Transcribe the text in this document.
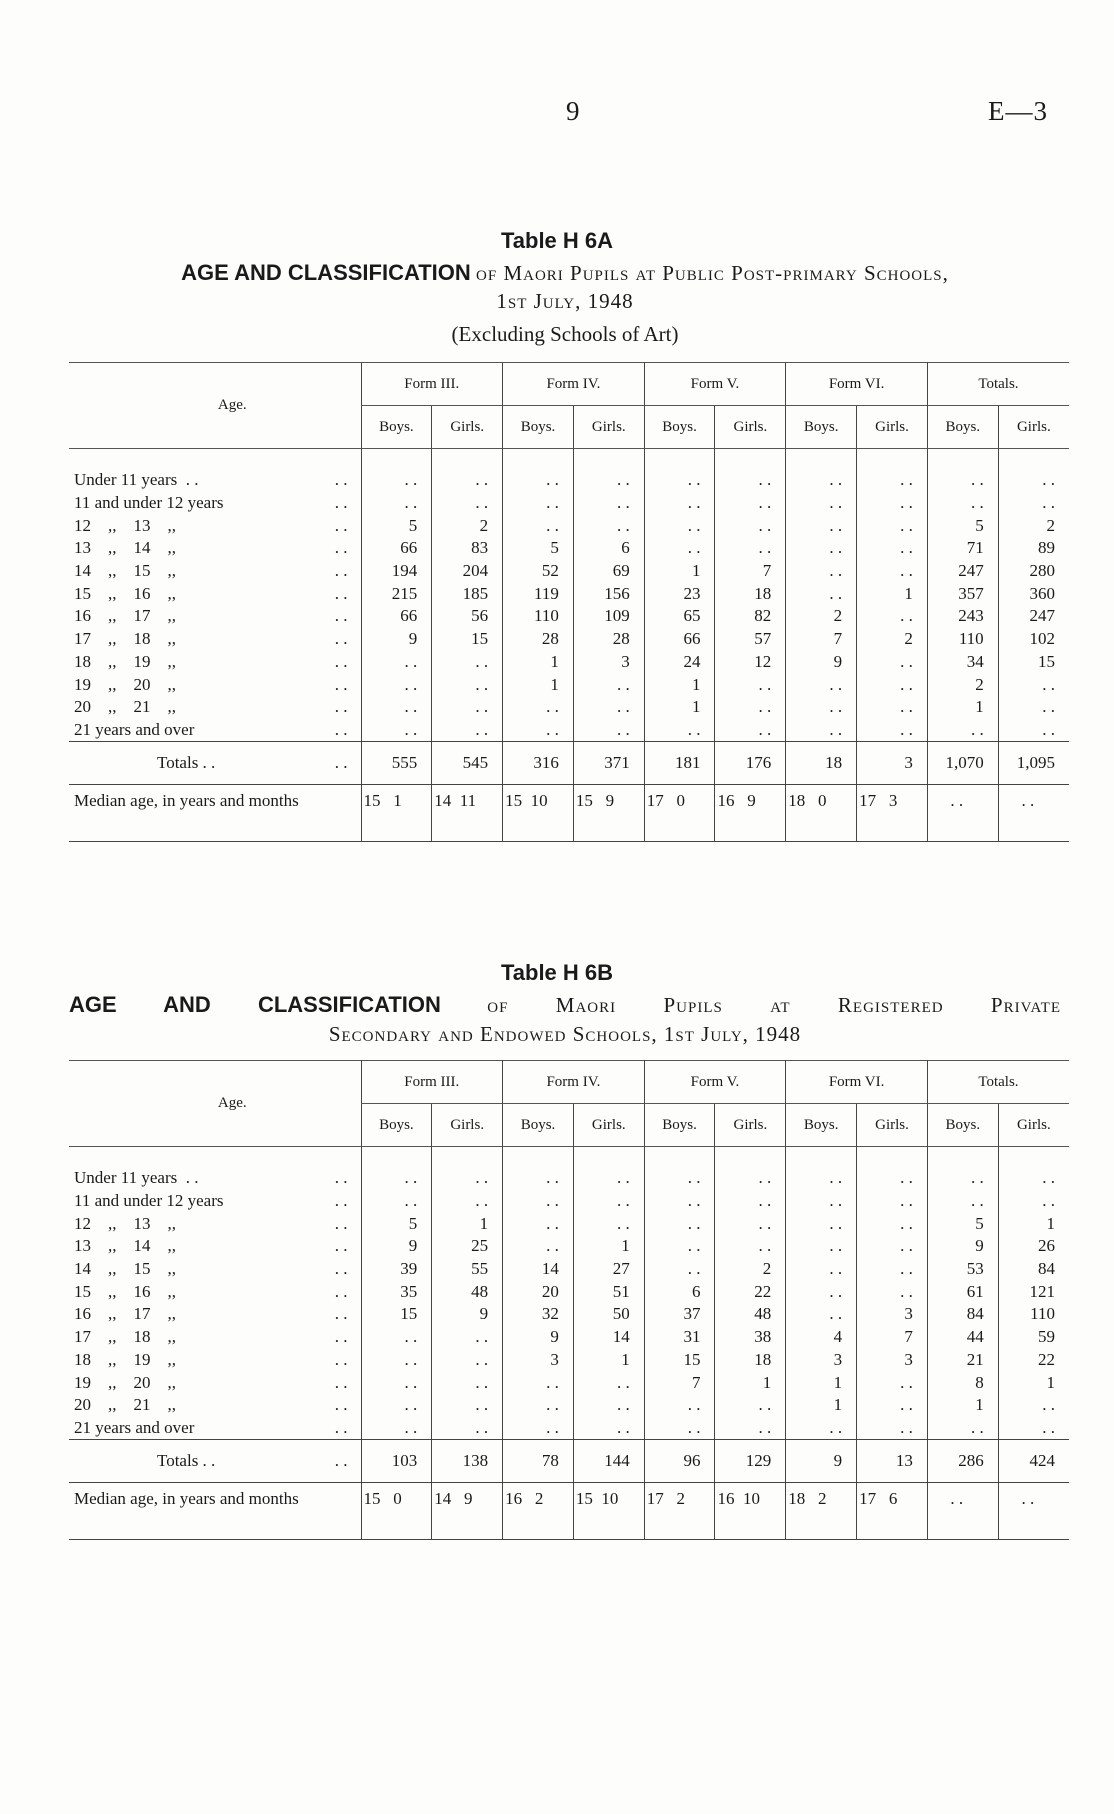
9	E—3
Table H 6A
AGE AND CLASSIFICATION of Maori Pupils at Public Post-primary Schools,
1st July, 1948
(Excluding Schools of Art)
Table H 6B
AGE AND CLASSIFICATION of Maori Pupils at Registered Private
Secondary and Endowed Schools, 1st July, 1948
Age.	Form III.		Form IV.		Form V.		Form VI.		Totals.	
	Boys.	Girls.	Boys.	Girls.	Boys.	Girls.	Boys.	Girls.	Boys.	Girls.
Under 11 years  . . . .	. .	. .	. .	. .	. .	. .	. .	. .	. .	. .
11 and under 12 years . .	. .	. .	. .	. .	. .	. .	. .	. .	. .	. .
12    ,,    13    ,, . .	5	2	. .	. .	. .	. .	. .	. .	5	2
13    ,,    14    ,, . .	66	83	5	6	. .	. .	. .	. .	71	89
14    ,,    15    ,, . .	194	204	52	69	1	7	. .	. .	247	280
15    ,,    16    ,, . .	215	185	119	156	23	18	. .	1	357	360
16    ,,    17    ,, . .	66	56	110	109	65	82	2	. .	243	247
17    ,,    18    ,, . .	9	15	28	28	66	57	7	2	110	102
18    ,,    19    ,, . .	. .	. .	1	3	24	12	9	. .	34	15
19    ,,    20    ,, . .	. .	. .	1	. .	1	. .	. .	. .	2	. .
20    ,,    21    ,, . .	. .	. .	. .	. .	1	. .	. .	. .	1	. .
21 years and over . .	. .	. .	. .	. .	. .	. .	. .	. .	. .	. .
Totals . . . .	555	545	316	371	181	176	18	3	1,070	1,095
Median age, in years and months	15   1	14  11	15  10	15   9	17   0	16   9	18   0	17   3	. .	. .
Age.	Form III.		Form IV.		Form V.		Form VI.		Totals.	
	Boys.	Girls.	Boys.	Girls.	Boys.	Girls.	Boys.	Girls.	Boys.	Girls.
Under 11 years  . . . .	. .	. .	. .	. .	. .	. .	. .	. .	. .	. .
11 and under 12 years . .	. .	. .	. .	. .	. .	. .	. .	. .	. .	. .
12    ,,    13    ,, . .	5	1	. .	. .	. .	. .	. .	. .	5	1
13    ,,    14    ,, . .	9	25	. .	1	. .	. .	. .	. .	9	26
14    ,,    15    ,, . .	39	55	14	27	. .	2	. .	. .	53	84
15    ,,    16    ,, . .	35	48	20	51	6	22	. .	. .	61	121
16    ,,    17    ,, . .	15	9	32	50	37	48	. .	3	84	110
17    ,,    18    ,, . .	. .	. .	9	14	31	38	4	7	44	59
18    ,,    19    ,, . .	. .	. .	3	1	15	18	3	3	21	22
19    ,,    20    ,, . .	. .	. .	. .	. .	7	1	1	. .	8	1
20    ,,    21    ,, . .	. .	. .	. .	. .	. .	. .	1	. .	1	. .
21 years and over . .	. .	. .	. .	. .	. .	. .	. .	. .	. .	. .
Totals . . . .	103	138	78	144	96	129	9	13	286	424
Median age, in years and months	15   0	14   9	16   2	15  10	17   2	16  10	18   2	17   6	. .	. .
